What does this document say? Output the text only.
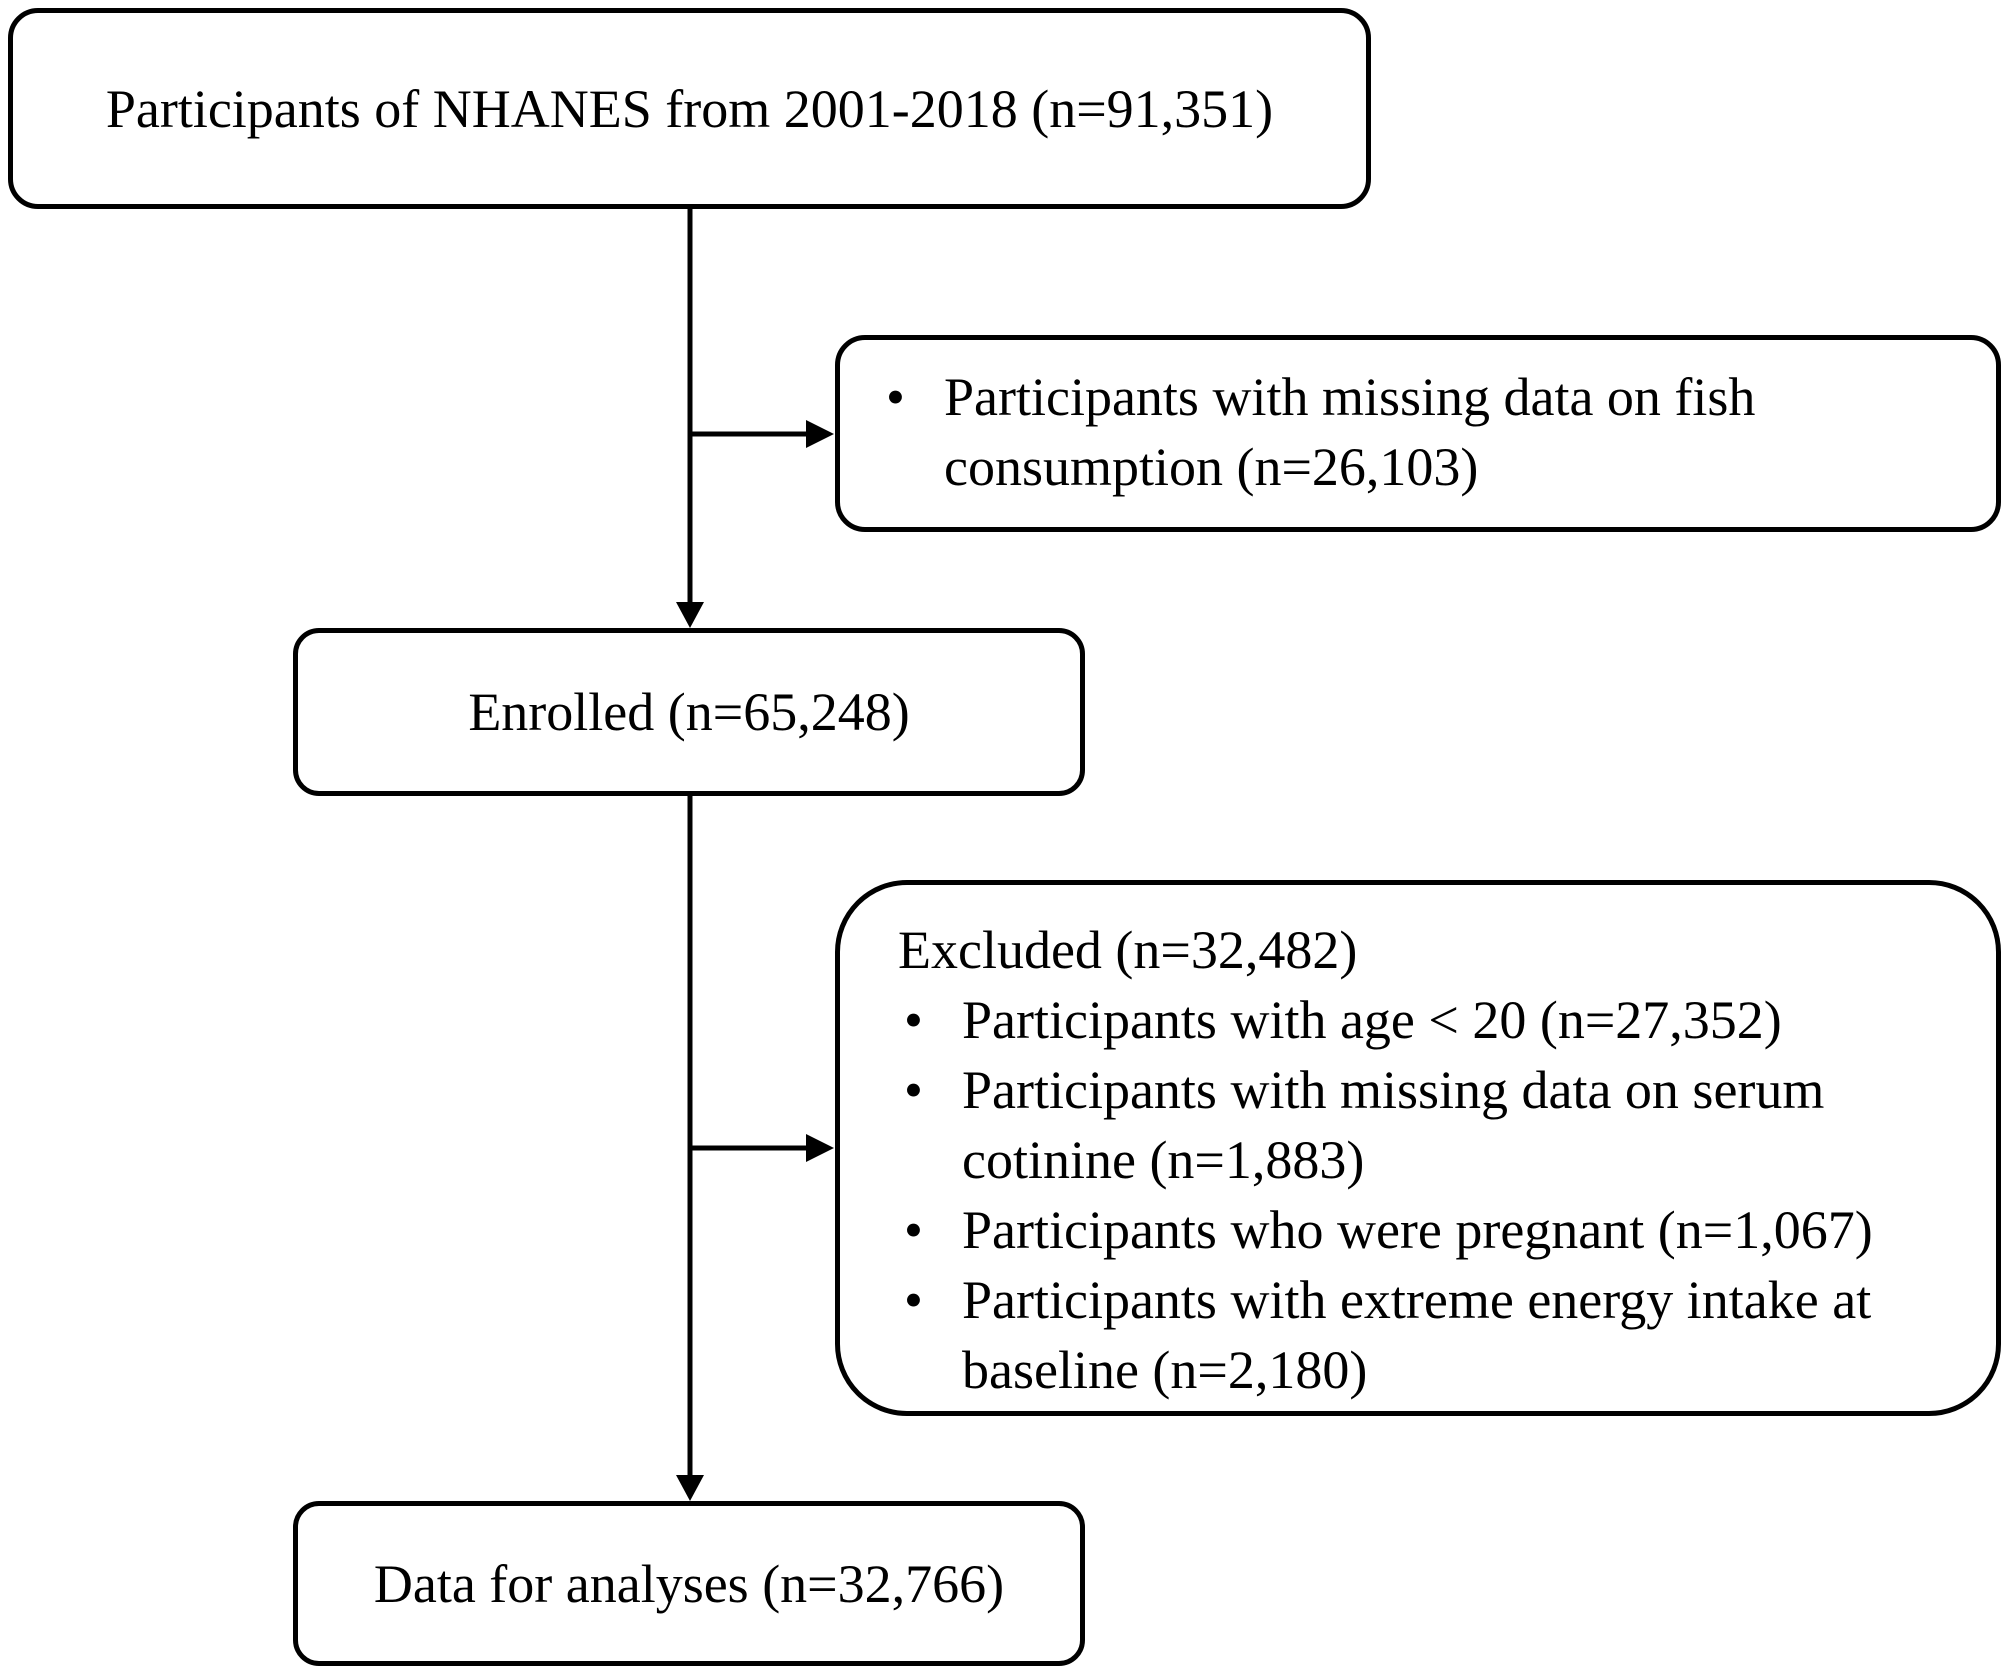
Participants of NHANES from 2001-2018 (n=91,351)
• Participants with missing data on fish consumption (n=26,103)
Enrolled (n=65,248)
Excluded (n=32,482)
• Participants with age < 20 (n=27,352)
• Participants with missing data on serum cotinine (n=1,883)
• Participants who were pregnant (n=1,067)
• Participants with extreme energy intake at baseline (n=2,180)
Data for analyses (n=32,766)
